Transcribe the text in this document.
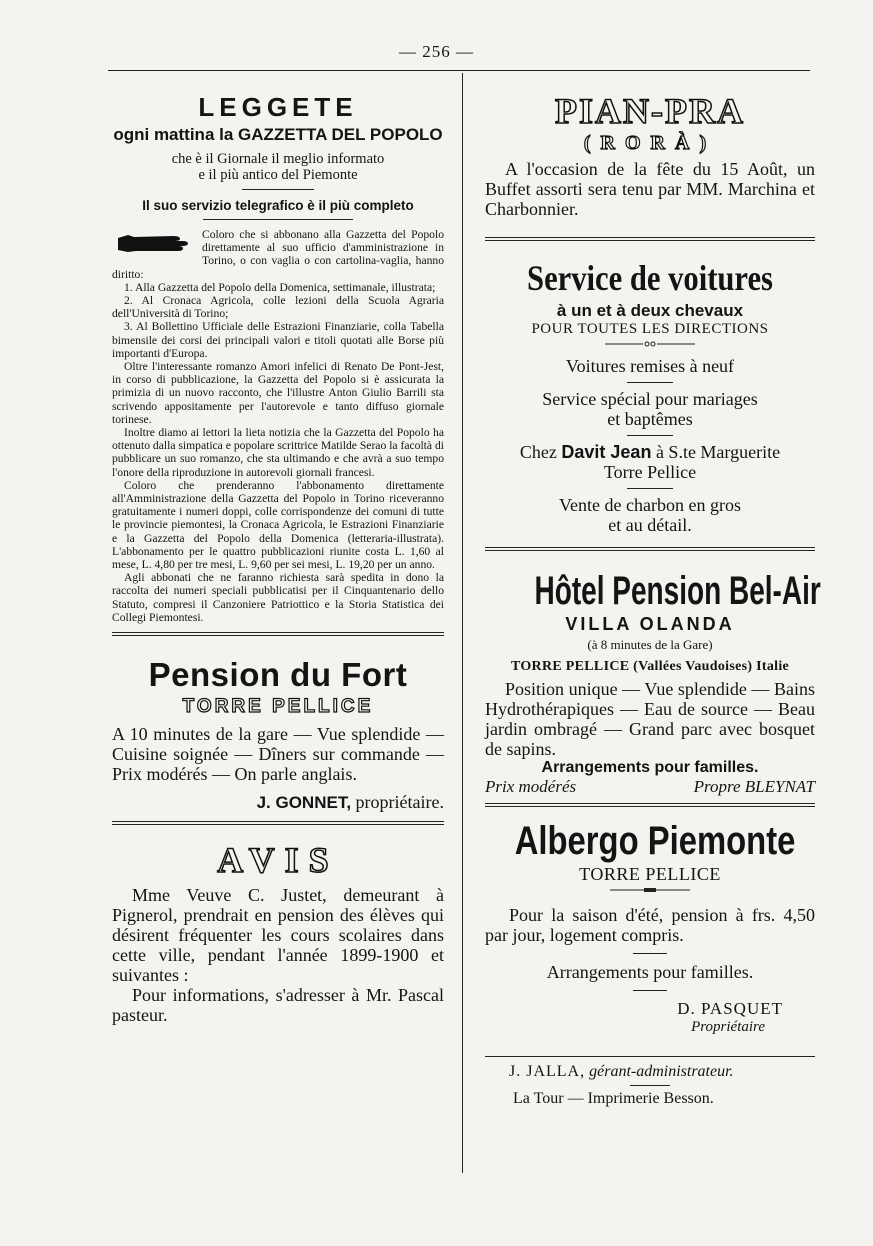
— 256 —
LEGGETE
ogni mattina la GAZZETTA DEL POPOLO
che è il Giornale il meglio informato
e il più antico del Piemonte
Il suo servizio telegrafico è il più completo

Coloro che si abbonano alla Gazzetta del Popolo direttamente al suo ufficio d'amministrazione in Torino, o con vaglia o con cartolina-vaglia, hanno diritto:

1. Alla Gazzetta del Popolo della Domenica, settimanale, illustrata;

2. Al Cronaca Agricola, colle lezioni della Scuola Agraria dell'Università di Torino;

3. Al Bollettino Ufficiale delle Estrazioni Finanziarie, colla Tabella bimensile dei corsi dei principali valori e titoli quotati alle Borse più importanti d'Europa.

Oltre l'interessante romanzo Amori infelici di Renato De Pont-Jest, in corso di pubblicazione, la Gazzetta del Popolo si è assicurata la primizia di un nuovo racconto, che l'illustre Anton Giulio Barrili sta scrivendo appositamente per l'autorevole e tanto diffuso giornale torinese.

Inoltre diamo ai lettori la lieta notizia che la Gazzetta del Popolo ha ottenuto dalla simpatica e popolare scrittrice Matilde Serao la facoltà di pubblicare un suo romanzo, che sta ultimando e che avrà a suo tempo l'onore della riproduzione in autorevoli giornali francesi.

Coloro che prenderanno l'abbonamento direttamente all'Amministrazione della Gazzetta del Popolo in Torino riceveranno gratuitamente i numeri doppi, colle corrispondenze dei comuni di tutte le provincie piemontesi, la Cronaca Agricola, le Estrazioni Finanziarie e la Gazzetta del Popolo della Domenica (letteraria-illustrata). L'abbonamento per le quattro pubblicazioni riunite costa L. 1,60 al mese, L. 4,80 per tre mesi, L. 9,60 per sei mesi, L. 19,20 per un anno.

Agli abbonati che ne faranno richiesta sarà spedita in dono la raccolta dei numeri speciali pubblicatisi per il Cinquantenario dello Statuto, compresi il Canzoniere Patriottico e la Storia Statistica dei Collegi Piemontesi.

Pension du Fort
TORRE PELLICE
A 10 minutes de la gare — Vue splendide — Cuisine soignée — Dîners sur commande — Prix modérés — On parle anglais.
J. GONNET, propriétaire.
AVIS
Mme Veuve C. Justet, demeurant à Pignerol, prendrait en pension des élèves qui désirent fréquenter les cours scolaires dans cette ville, pendant l'année 1899-1900 et suivantes :
Pour informations, s'adresser à Mr. Pascal pasteur.
PIAN-PRA
(RORÀ)
A l'occasion de la fête du 15 Août, un Buffet assorti sera tenu par MM. Marchina et Charbonnier.
Service de voitures
à un et à deux chevaux
POUR TOUTES LES DIRECTIONS
Voitures remises à neuf
Service spécial pour mariages
et baptêmes
Chez Davit Jean à S.te Marguerite
Torre Pellice
Vente de charbon en gros
et au détail.
Hôtel Pension Bel-Air
VILLA OLANDA
(à 8 minutes de la Gare)
TORRE PELLICE (Vallées Vaudoises) Italie
Position unique — Vue splendide — Bains Hydrothérapiques — Eau de source — Beau jardin ombragé — Grand parc avec bosquet de sapins.
Arrangements pour familles.
Prix modérés	Propre BLEYNAT
Albergo Piemonte
TORRE PELLICE
Pour la saison d'été, pension à frs. 4,50 par jour, logement compris.
Arrangements pour familles.
D. PASQUET
Propriétaire
J. JALLA, gérant-administrateur.
La Tour — Imprimerie Besson.
